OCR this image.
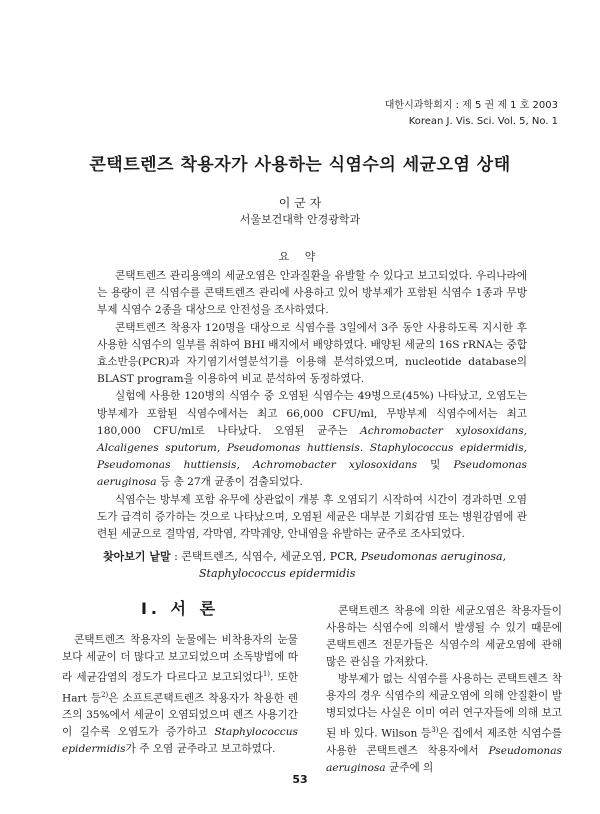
대한시과학회지 : 제 5 권 제 1 호 2003
Korean J. Vis. Sci. Vol. 5, No. 1
콘택트렌즈 착용자가 사용하는 식염수의 세균오염 상태
이 군 자
서울보건대학 안경광학과
요 약

콘택트렌즈 관리용액의 세균오염은 안과질환을 유발할 수 있다고 보고되었다. 우리나라에는 용량이 큰 식염수를 콘택트렌즈 관리에 사용하고 있어 방부제가 포함된 식염수 1종과 무방부제 식염수 2종을 대상으로 안전성을 조사하였다.

콘택트렌즈 착용자 120명을 대상으로 식염수를 3일에서 3주 동안 사용하도록 지시한 후 사용한 식염수의 일부를 취하여 BHI 배지에서 배양하였다. 배양된 세균의 16S rRNA는 중합효소반응(PCR)과 자기염기서열분석기를 이용해 분석하였으며, nucleotide database의 BLAST program을 이용하여 비교 분석하여 동정하였다.

실험에 사용한 120병의 식염수 중 오염된 식염수는 49병으로(45%) 나타났고, 오염도는 방부제가 포함된 식염수에서는 최고 66,000 CFU/ml, 무방부제 식염수에서는 최고 180,000 CFU/ml로 나타났다. 오염된 균주는 Achromobacter xylosoxidans, Alcaligenes sputorum, Pseudomonas huttiensis. Staphylococcus epidermidis, Pseudomonas huttiensis, Achromobacter xylosoxidans 및 Pseudomonas aeruginosa 등 총 27개 균종이 검출되었다.

식염수는 방부제 포함 유무에 상관없이 개봉 후 오염되기 시작하여 시간이 경과하면 오염도가 급격히 증가하는 것으로 나타났으며, 오염된 세균은 대부분 기회감염 또는 병원감염에 관련된 세균으로 결막염, 각막염, 각막궤양, 안내염을 유발하는 균주로 조사되었다.

찾아보기 낱말 : 콘택트렌즈, 식염수, 세균오염, PCR, Pseudomonas aeruginosa,
Staphylococcus epidermidis
I. 서 론

콘택트렌즈 착용자의 눈물에는 비착용자의 눈물보다 세균이 더 많다고 보고되었으며 소독방법에 따라 세균감염의 정도가 다르다고 보고되었다$^{1)}$. 또한 Hart 등$^{2)}$은 소프트콘택트렌즈 착용자가 착용한 렌즈의 35%에서 세균이 오염되었으며 렌즈 사용기간이 길수록 오염도가 증가하고 Staphylococcus epidermidis가 주 오염 균주라고 보고하였다.

콘택트렌즈 착용에 의한 세균오염은 착용자들이 사용하는 식염수에 의해서 발생될 수 있기 때문에 콘택트렌즈 전문가들은 식염수의 세균오염에 관해 많은 관심을 가져왔다.

방부제가 없는 식염수를 사용하는 콘택트렌즈 착용자의 경우 식염수의 세균오염에 의해 안질환이 발병되었다는 사실은 이미 여러 연구자들에 의해 보고된 바 있다. Wilson 등$^{3)}$은 집에서 제조한 식염수를 사용한 콘택트렌즈 착용자에서 Pseudomonas aeruginosa 균주에 의

53
